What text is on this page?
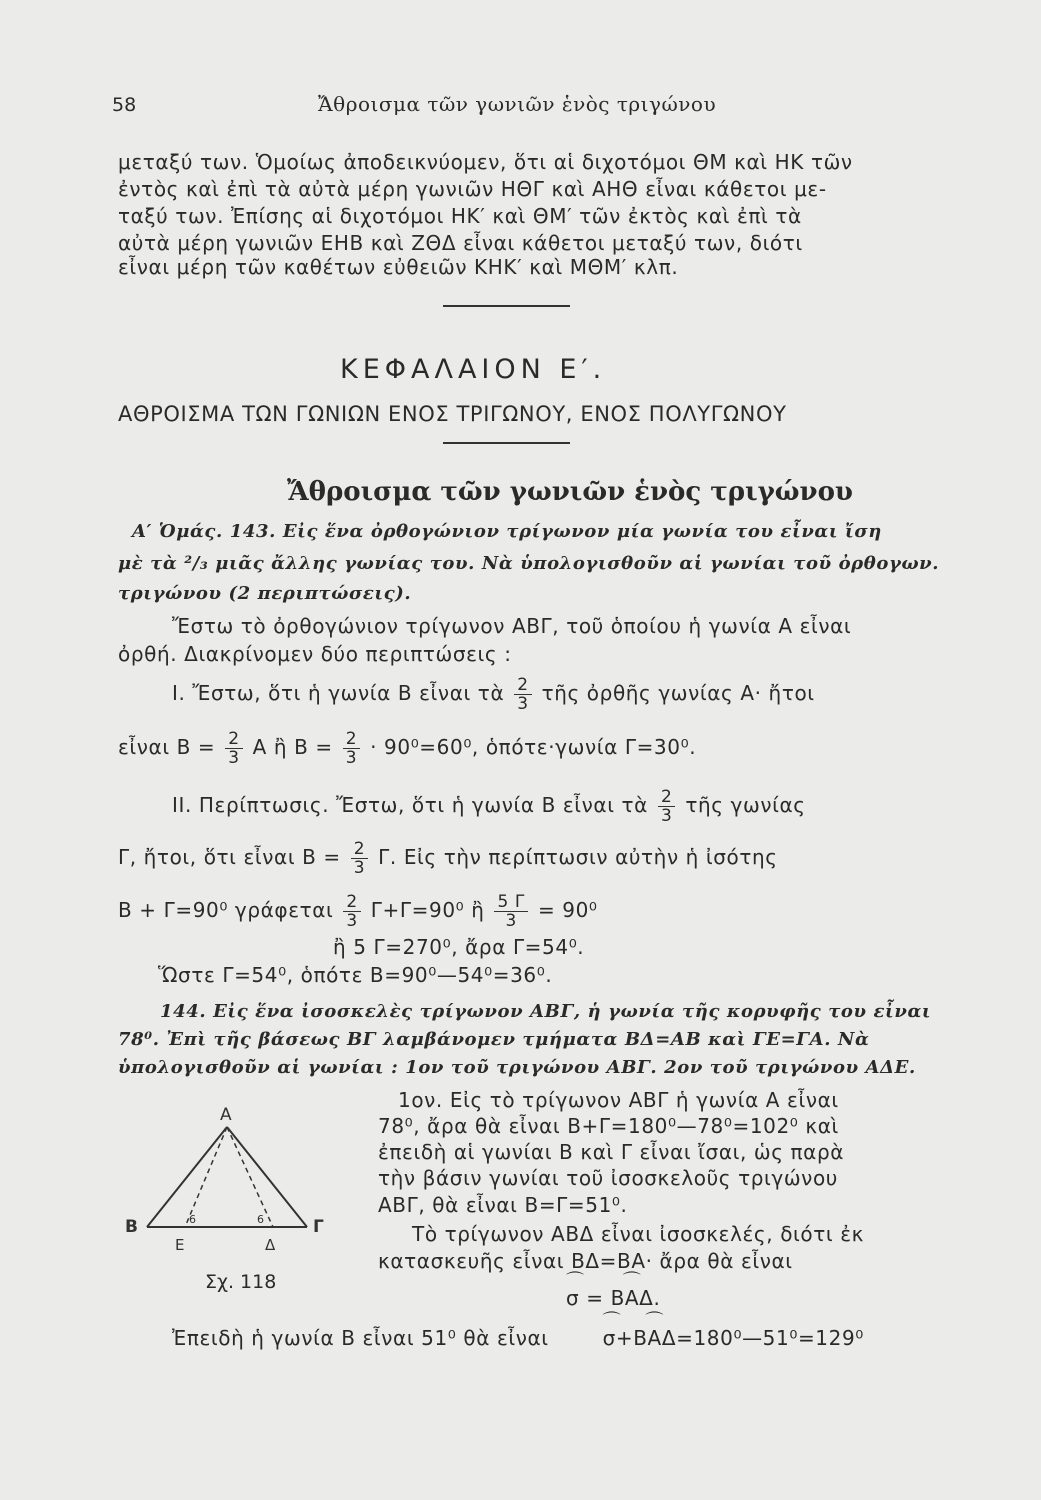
58	Ἄθροισμα τῶν γωνιῶν ἑνὸς τριγώνου
μεταξύ των. Ὁμοίως ἀποδεικνύομεν, ὅτι αἱ διχοτόμοι ΘΜ καὶ ΗΚ τῶν
ἐντὸς καὶ ἐπὶ τὰ αὐτὰ μέρη γωνιῶν ΗΘΓ καὶ ΑΗΘ εἶναι κάθετοι με-
ταξύ των. Ἐπίσης αἱ διχοτόμοι ΗΚ′ καὶ ΘΜ′ τῶν ἐκτὸς καὶ ἐπὶ τὰ
αὐτὰ μέρη γωνιῶν ΕΗΒ καὶ ΖΘΔ εἶναι κάθετοι μεταξύ των, διότι
εἶναι μέρη τῶν καθέτων εὐθειῶν ΚΗΚ′ καὶ ΜΘΜ′ κλπ.
ΚΕΦΑΛΑΙΟΝ Ε′.
ΑΘΡΟΙΣΜΑ ΤΩΝ ΓΩΝΙΩΝ ΕΝΟΣ ΤΡΙΓΩΝΟΥ, ΕΝΟΣ ΠΟΛΥΓΩΝΟΥ
Ἄθροισμα τῶν γωνιῶν ἑνὸς τριγώνου
Α′ Ὁμάς. 143. Εἰς ἕνα ὀρθογώνιον τρίγωνον μία γωνία του εἶναι ἴση
μὲ τὰ ²/₃ μιᾶς ἄλλης γωνίας του. Νὰ ὑπολογισθοῦν αἱ γωνίαι τοῦ ὀρθογων.
τριγώνου (2 περιπτώσεις).
Ἔστω τὸ ὀρθογώνιον τρίγωνον ΑΒΓ, τοῦ ὁποίου ἡ γωνία Α εἶναι
ὀρθή. Διακρίνομεν δύο περιπτώσεις :
Ι. Ἔστω, ὅτι ἡ γωνία Β εἶναι τὰ $\frac{2}{3}$ τῆς ὀρθῆς γωνίας Α· ἤτοι
εἶναι $B = \frac{2}{3}$ Α ἢ $B = \frac{2}{3} \cdot 90^0=60^0$, ὁπότε·γωνία Γ=30⁰.
ΙΙ. Περίπτωσις. Ἔστω, ὅτι ἡ γωνία Β εἶναι τὰ $\frac{2}{3}$ τῆς γωνίας
Γ, ἤτοι, ὅτι εἶναι $B = \frac{2}{3} \Gamma$. Εἰς τὴν περίπτωσιν αὐτὴν ἡ ἰσότης
Β + Γ=90⁰ γράφεται $\frac{2}{3} \Gamma+\Gamma=90^0$ ἢ $\frac{5 \Gamma}{3} = 90^0$
ἢ 5 Γ=270⁰, ἄρα Γ=54⁰.
Ὥστε Γ=54⁰, ὁπότε Β=90⁰—54⁰=36⁰.
144. Εἰς ἕνα ἰσοσκελὲς τρίγωνον ΑΒΓ, ἡ γωνία τῆς κορυφῆς του εἶναι
78⁰. Ἐπὶ τῆς βάσεως ΒΓ λαμβάνομεν τμήματα ΒΔ=ΑΒ καὶ ΓΕ=ΓΑ. Νὰ
ὑπολογισθοῦν αἱ γωνίαι : 1ον τοῦ τριγώνου ΑΒΓ. 2ον τοῦ τριγώνου ΑΔΕ.
1ον. Εἰς τὸ τρίγωνον ΑΒΓ ἡ γωνία Α εἶναι
78⁰, ἄρα θὰ εἶναι Β+Γ=180⁰—78⁰=102⁰ καὶ
ἐπειδὴ αἱ γωνίαι Β καὶ Γ εἶναι ἴσαι, ὡς παρὰ
τὴν βάσιν γωνίαι τοῦ ἰσοσκελοῦς τριγώνου
ΑΒΓ, θὰ εἶναι Β=Γ=51⁰.
Τὸ τρίγωνον ΑΒΔ εἶναι ἰσοσκελές, διότι ἐκ
κατασκευῆς εἶναι ΒΔ=ΒΑ· ἄρα θὰ εἶναι
⌒ σ = ⌒ ΒΑΔ.
Ἐπειδὴ ἡ γωνία Β εἶναι 51⁰ θὰ εἶναι  ⌒	σ+⌒ ΒΑΔ=180⁰—51⁰=129⁰
Α
Β	Γ
Ε	Δ
6	6
Σχ. 118
